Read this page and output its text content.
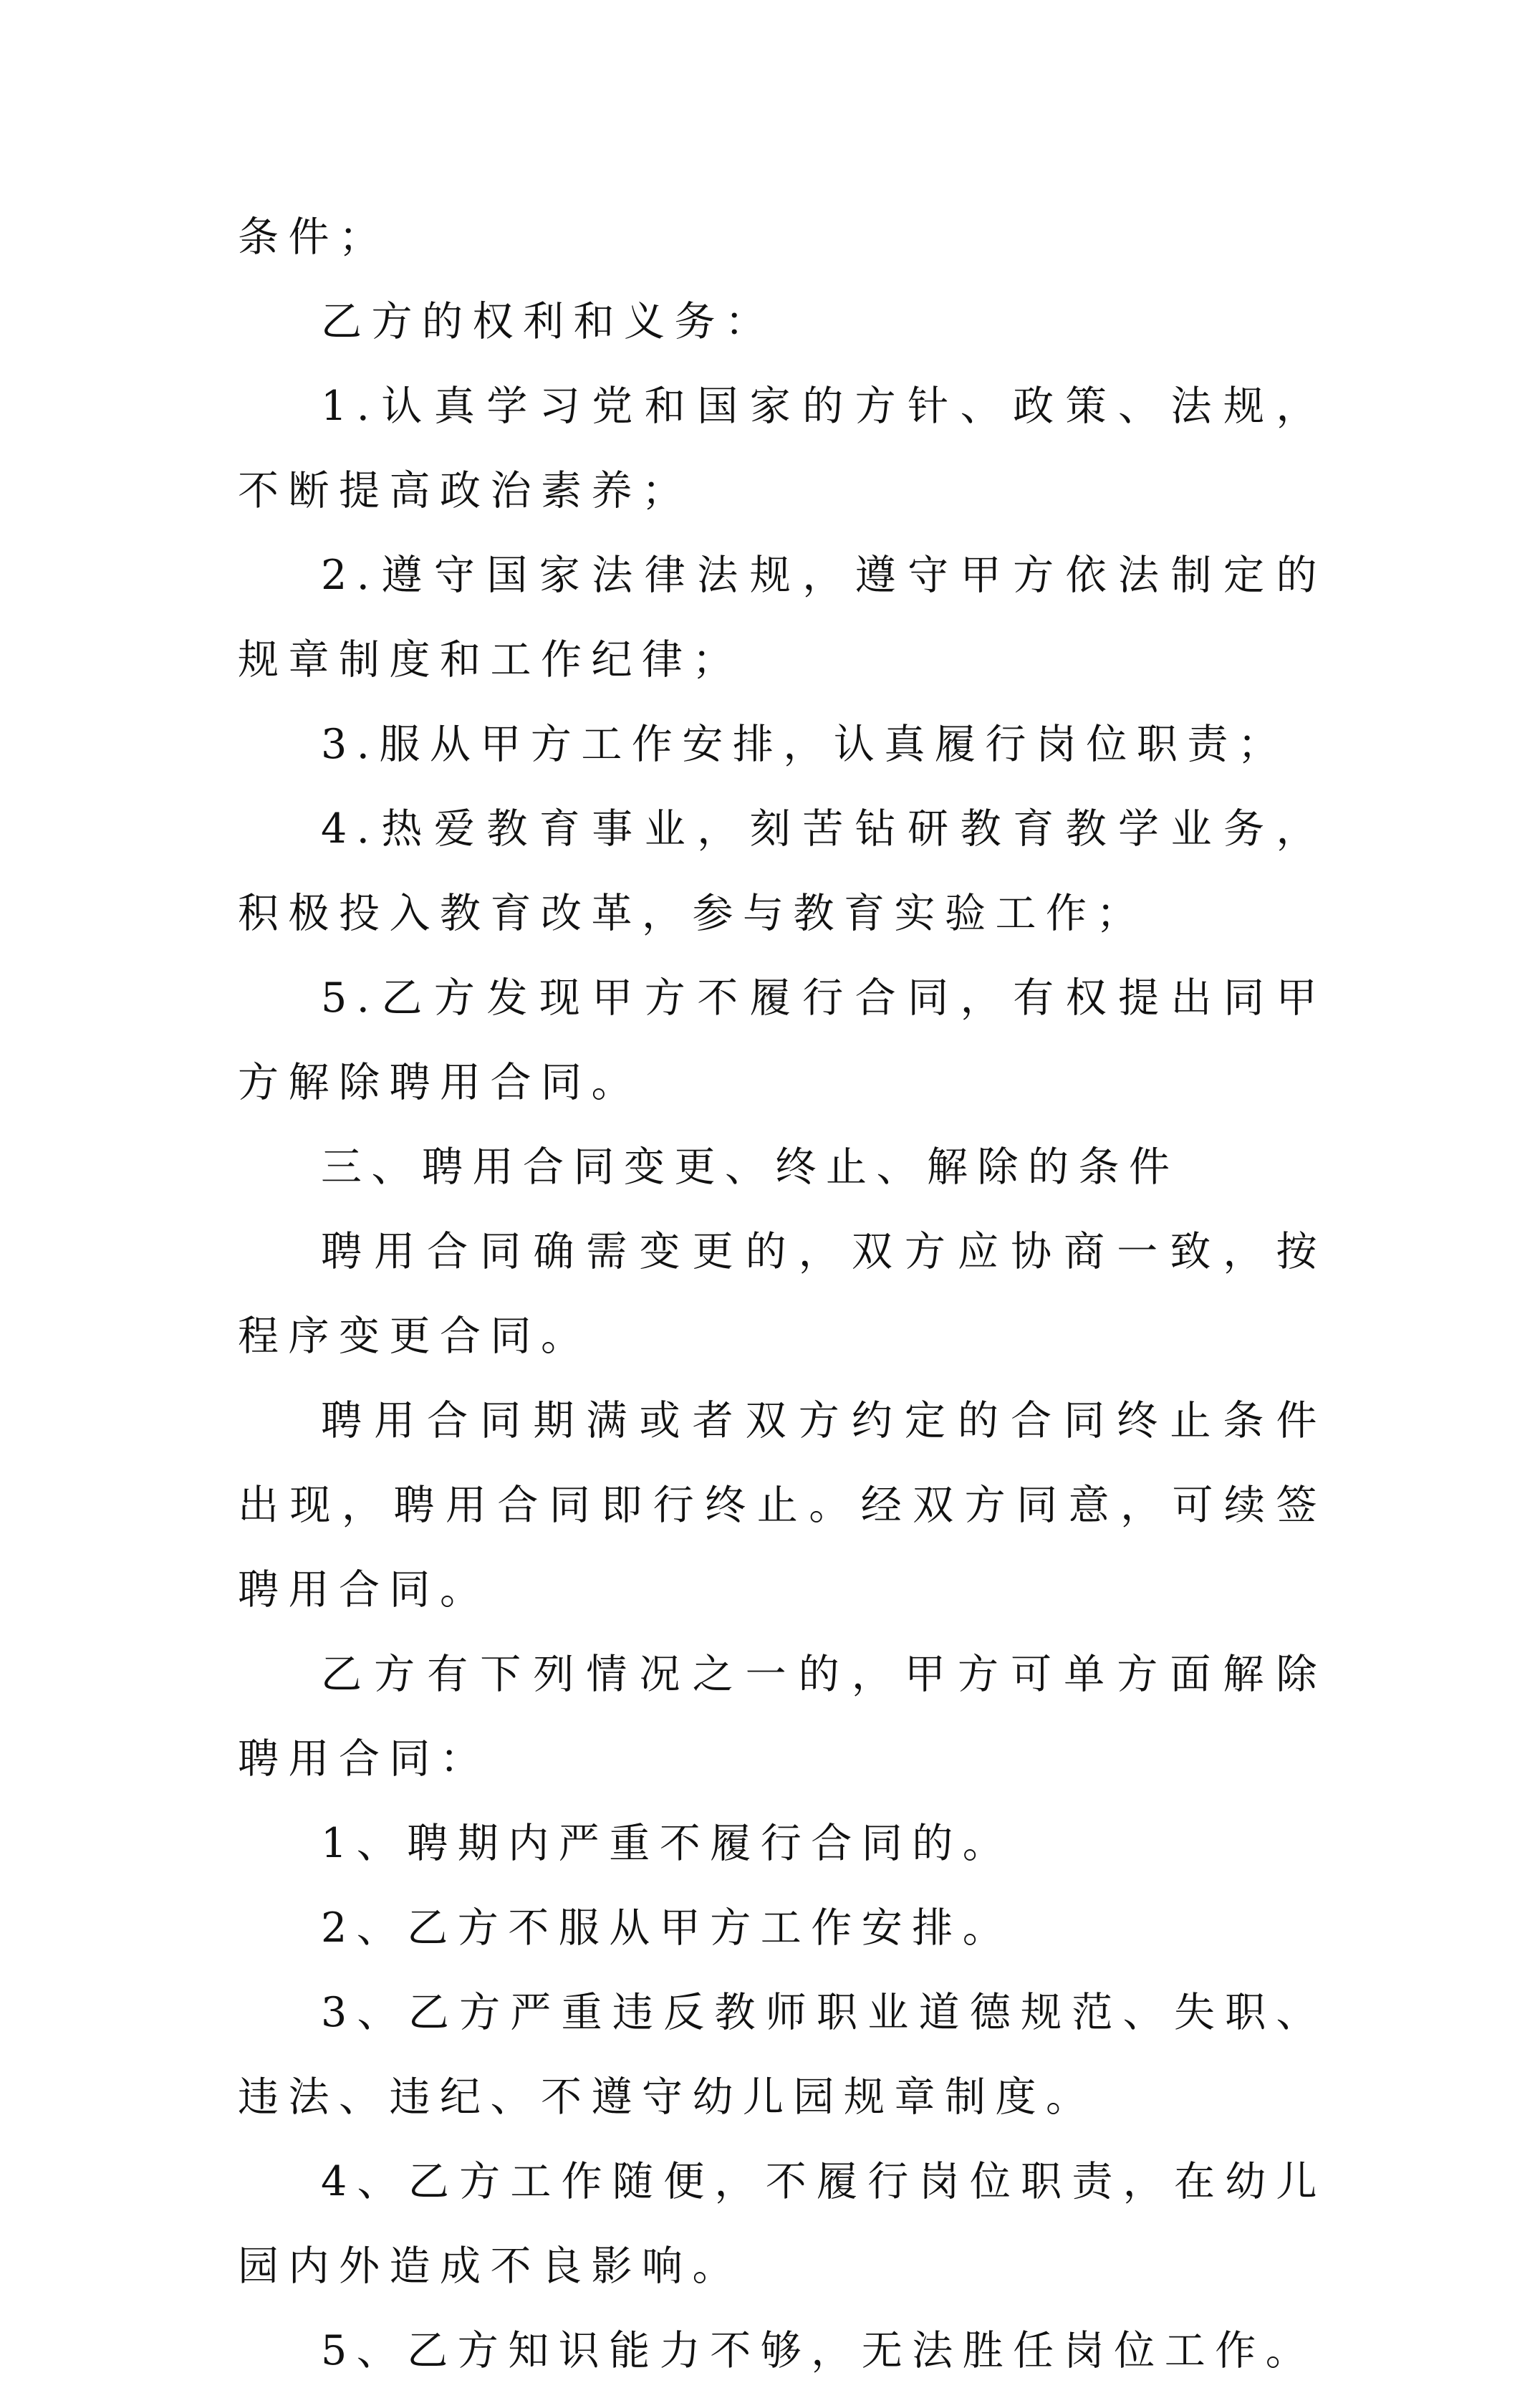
条件；

乙方的权利和义务：

1.认真学习党和国家的方针、政策、法规，不断提高政治素养；

2.遵守国家法律法规，遵守甲方依法制定的规章制度和工作纪律；

3.服从甲方工作安排，认真履行岗位职责；

4.热爱教育事业，刻苦钻研教育教学业务，积极投入教育改革，参与教育实验工作；

5.乙方发现甲方不履行合同，有权提出同甲方解除聘用合同。

三、聘用合同变更、终止、解除的条件

聘用合同确需变更的，双方应协商一致，按程序变更合同。

聘用合同期满或者双方约定的合同终止条件出现，聘用合同即行终止。经双方同意，可续签聘用合同。

乙方有下列情况之一的，甲方可单方面解除聘用合同：

1、聘期内严重不履行合同的。

2、乙方不服从甲方工作安排。

3、乙方严重违反教师职业道德规范、失职、违法、违纪、不遵守幼儿园规章制度。

4、乙方工作随便，不履行岗位职责，在幼儿园内外造成不良影响。

5、乙方知识能力不够，无法胜任岗位工作。
